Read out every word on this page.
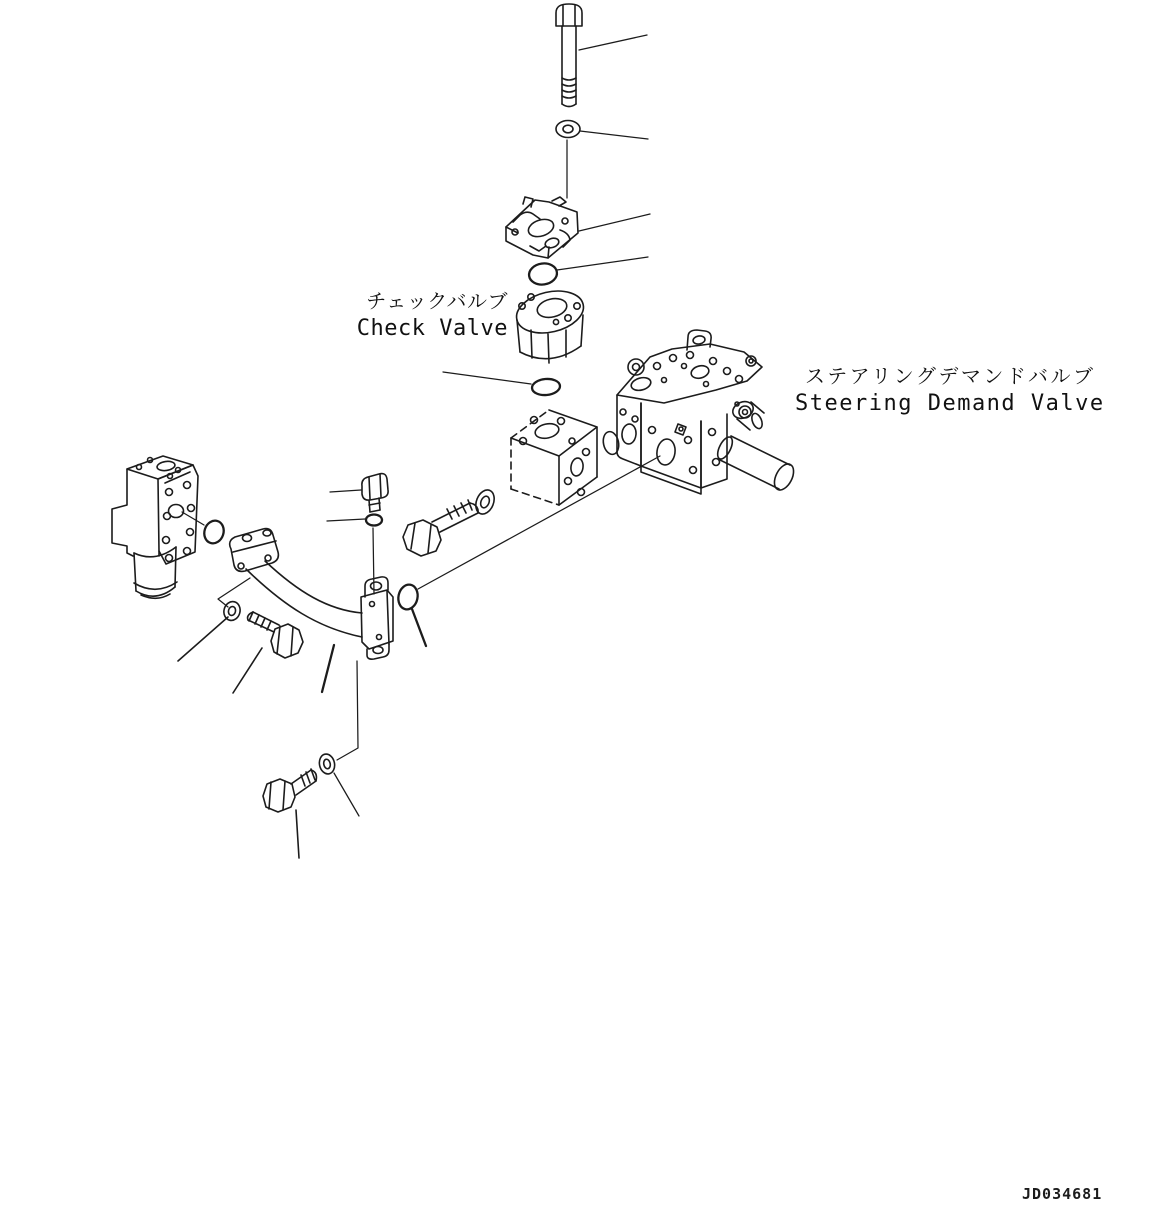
チェックバルブ
Check Valve
ステアリングデマンドバルブ
Steering Demand Valve
JD034681
